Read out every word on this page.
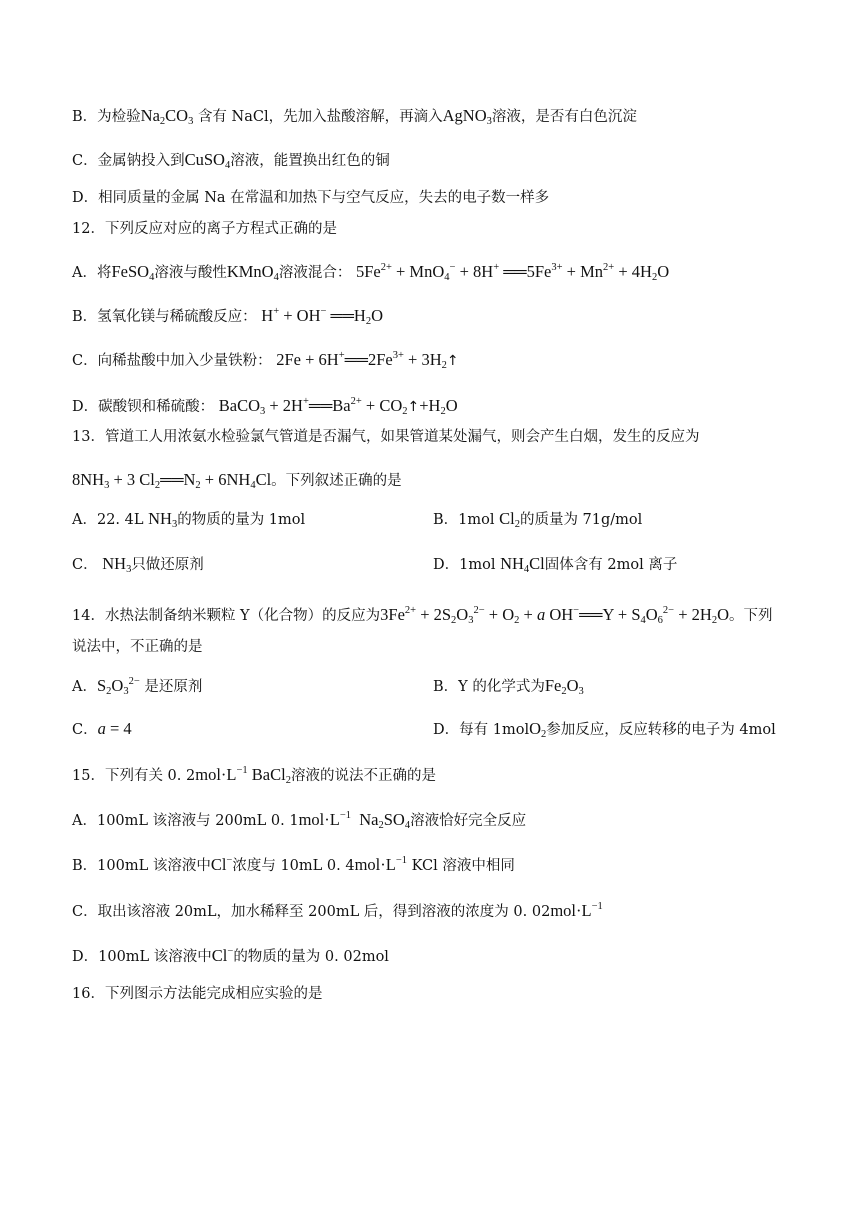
B．为检验$Na_2CO_3$ 含有 NaCl，先加入盐酸溶解，再滴入AgNO$_3$溶液，是否有白色沉淀
C．金属钠投入到CuSO$_4$溶液，能置换出红色的铜
D．相同质量的金属 Na 在常温和加热下与空气反应，失去的电子数一样多
12．下列反应对应的离子方程式正确的是
A．将FeSO$_4$溶液与酸性KMnO$_4$溶液混合： $5Fe^{2+} + MnO_4^- + 8H^+$ $══5Fe^{3+} + Mn^{2+} + 4H_2O$
B．氢氧化镁与稀硫酸反应： H+ + OH− $══H_2O$
C．向稀盐酸中加入少量铁粉： $2Fe + 6H^+══2Fe^{3+}$ + $3H_2↑$
D．碳酸钡和稀硫酸： BaCO$_3$ + $2H^+══Ba^{2+}$ + $CO_2↑+H_2O$
13．管道工人用浓氨水检验氯气管道是否漏气，如果管道某处漏气，则会产生白烟，发生的反应为
$8NH_3 + 3$ $Cl_2══N_2 + 6NH_4Cl$。下列叙述正确的是
A．22. 4L $NH_3$的物质的量为 1mol	B．1mol $Cl_2$的质量为 71g/mol
C． $NH_3$只做还原剂	D．1mol $NH_4Cl$固体含有 2mol 离子
14．水热法制备纳米颗粒 Y（化合物）的反应为$3Fe^{2+} + 2S_2O_3^{2-} + O_2 + a$ OH−══Y + $S_4O_6^{2-} + 2H_2O$。下列
说法中，不正确的是
A．$S_2O_3^{2-}$ 是还原剂	B．Y 的化学式为$Fe_2O_3$
C．a = 4	D．每有 1molO$_2$参加反应，反应转移的电子为 4mol
15．下列有关 0. $2mol\cdot L^{-1}$ BaCl$_2$溶液的说法不正确的是
A．100mL 该溶液与 200mL 0. $1mol\cdot L^{-1}$  $Na_2SO_4$溶液恰好完全反应
B．100mL 该溶液中Cl−浓度与 10mL 0. $4mol\cdot L^{-1}$ KCl 溶液中相同
C．取出该溶液 20mL，加水稀释至 200mL 后，得到溶液的浓度为 0. $02mol\cdot L^{-1}$
D．100mL 该溶液中Cl−的物质的量为 0. 02mol
16．下列图示方法能完成相应实验的是
